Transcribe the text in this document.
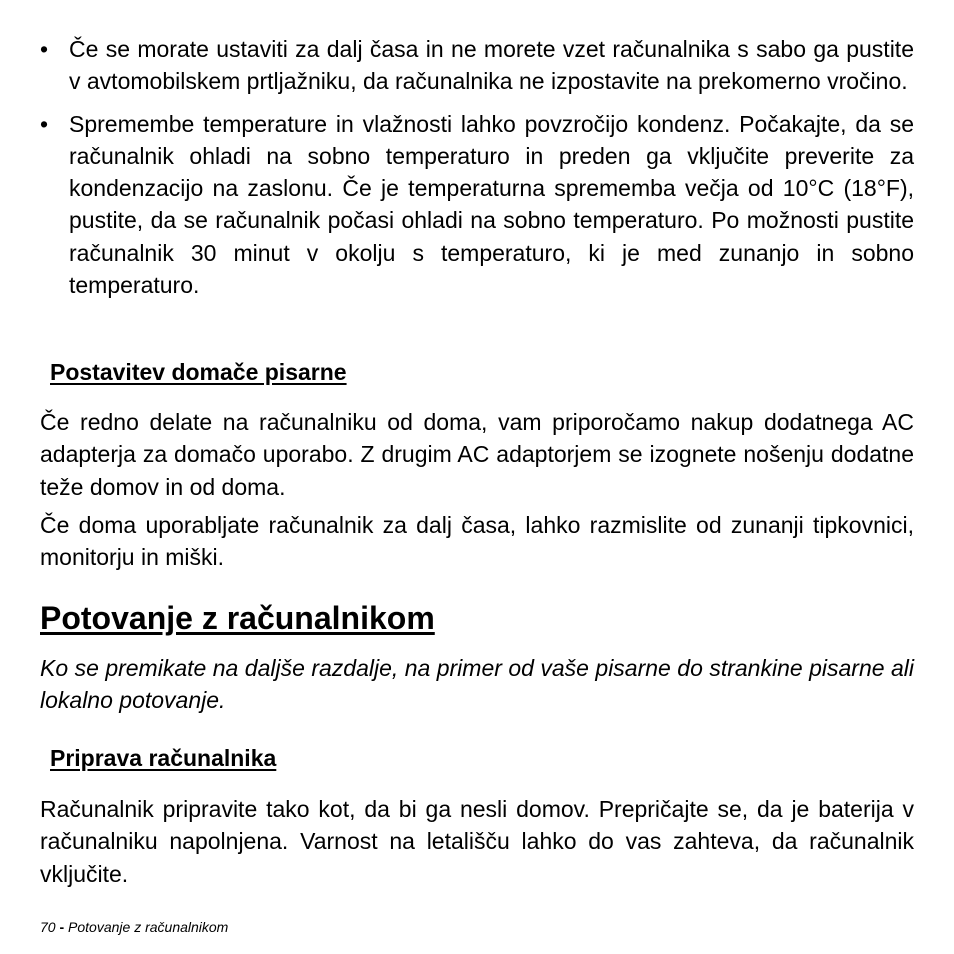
• Če se morate ustaviti za dalj časa in ne morete vzet računalnika s sabo ga pustite v avtomobilskem prtljažniku, da računalnika ne izpostavite na prekomerno vročino.
• Spremembe temperature in vlažnosti lahko povzročijo kondenz. Počakajte, da se računalnik ohladi na sobno temperaturo in preden ga vključite preverite za kondenzacijo na zaslonu. Če je temperaturna sprememba večja od 10°C (18°F), pustite, da se računalnik počasi ohladi na sobno temperaturo. Po možnosti pustite računalnik 30 minut v okolju s temperaturo, ki je med zunanjo in sobno temperaturo.
Postavitev domače pisarne

Če redno delate na računalniku od doma, vam priporočamo nakup dodatnega AC adapterja za domačo uporabo. Z drugim AC adaptorjem se izognete nošenju dodatne teže domov in od doma.

Če doma uporabljate računalnik za dalj časa, lahko razmislite od zunanji tipkovnici, monitorju in miški.

Potovanje z računalnikom

Ko se premikate na daljše razdalje, na primer od vaše pisarne do strankine pisarne ali lokalno potovanje.

Priprava računalnika

Računalnik pripravite tako kot, da bi ga nesli domov. Prepričajte se, da je baterija v računalniku napolnjena. Varnost na letališču lahko do vas zahteva, da računalnik vključite.

70 - Potovanje z računalnikom
